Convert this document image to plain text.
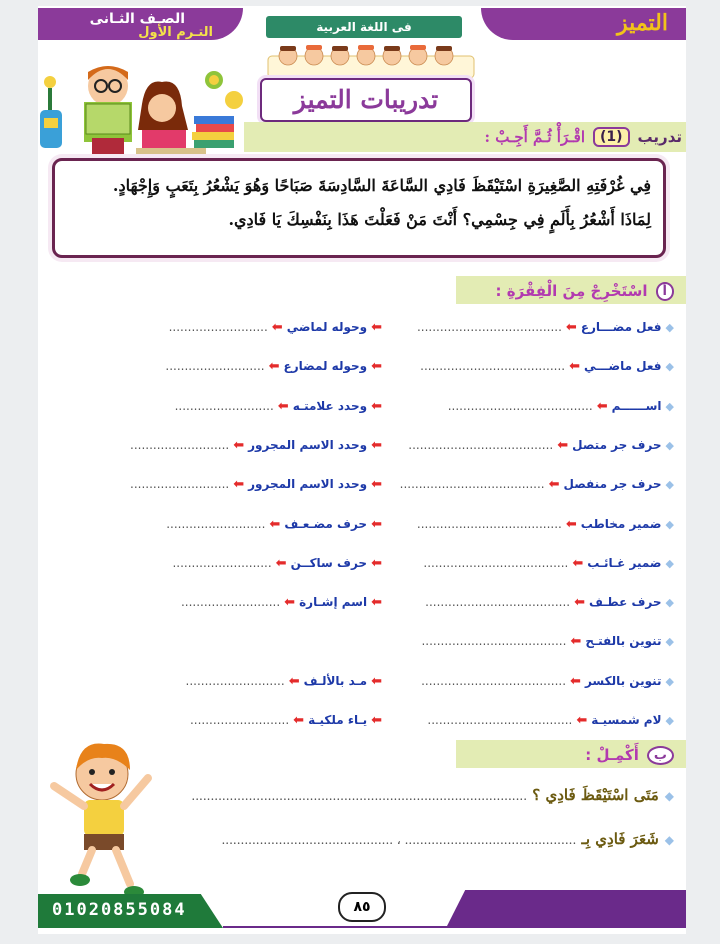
الصـف الثـانى
التـرم الأول	فى اللغة العربية	التميز
تدريبات التميز
تدريب
(1)
اقْـرَأْ ثُـمَّ أَجِـبْ :

فِي غُرْفَتِهِ الصَّغِيرَةِ اسْتَيْقَظَ فَادِي السَّاعَةَ السَّادِسَةَ صَبَاحًا وَهُوَ يَشْعُرُ بِتَعَبٍ وَإِجْهَادٍ.
لِمَاذَا أَشْعُرُ بِأَلَمٍ فِي جِسْمِي؟ أَنْتَ مَنْ فَعَلْتَ هَذَا بِنَفْسِكَ يَا فَادِي.

أ
اسْتَخْرِجْ مِنَ الْفِقْرَةِ :
◆فعل مضـــارع⬅......................................
⬅وحوله لماضي⬅..........................
◆فعل ماضـــي⬅......................................
⬅وحوله لمضارع⬅..........................
◆اســــــم⬅......................................
⬅وحدد علامتـه⬅..........................
◆حرف جر متصل⬅......................................
⬅وحدد الاسم المجرور⬅..........................
◆حرف جر منفصل⬅......................................
⬅وحدد الاسم المجرور⬅..........................
◆ضمير مخاطب⬅......................................
⬅حرف مضـعـف⬅..........................
◆ضمير غـائـب⬅......................................
⬅حرف ساكــن⬅..........................
◆حرف عطـف⬅......................................
⬅اسم إشـارة⬅..........................
◆تنوين بالفتـح⬅......................................
◆تنوين بالكسر⬅......................................
⬅مـد بالألـف⬅..........................
◆لام شمسيـة⬅......................................
⬅يـاء ملكيـة⬅..........................
ب
أَكْمِـلْ :
◆مَتَى اسْتَيْقَظَ فَادِي ؟ ........................................................................................
◆شَعَرَ فَادِي بِـ ............................................. ، .............................................
01020855084	٨٥
